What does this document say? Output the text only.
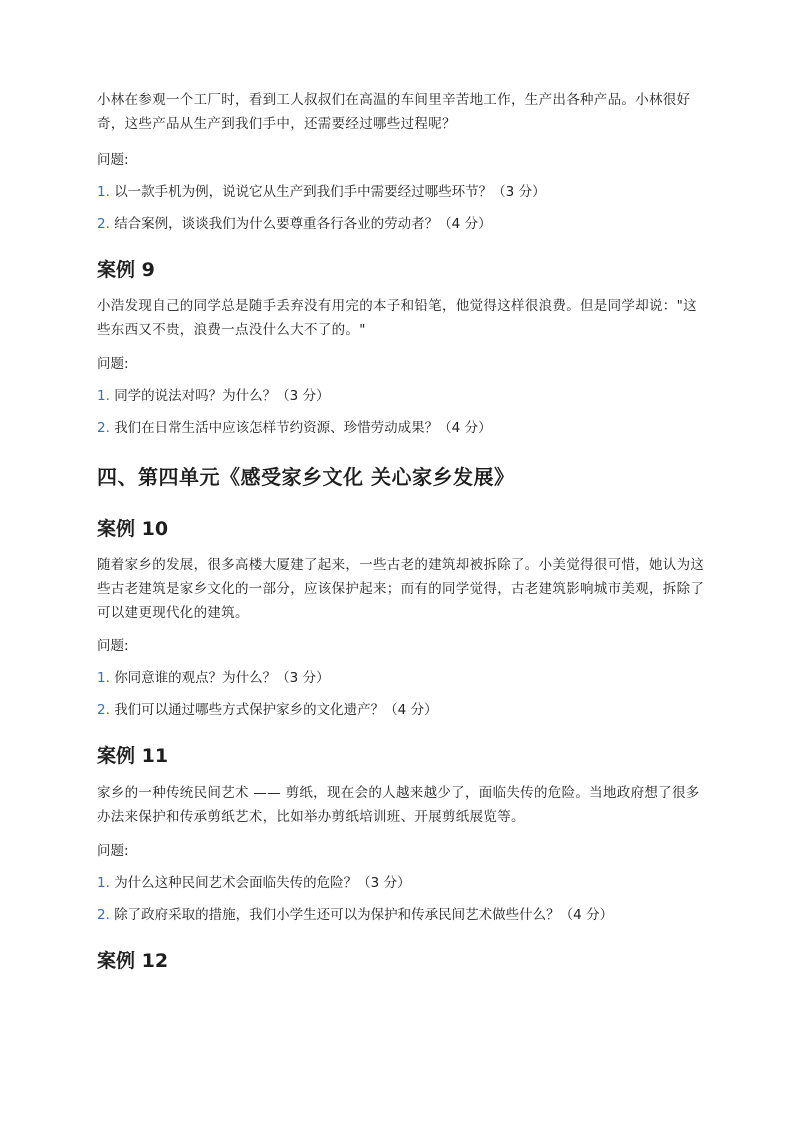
小林在参观一个工厂时，看到工人叔叔们在高温的车间里辛苦地工作，生产出各种产品。小林很好奇，这些产品从生产到我们手中，还需要经过哪些过程呢？

问题:

1. 以一款手机为例，说说它从生产到我们手中需要经过哪些环节？（3 分）

2. 结合案例，谈谈我们为什么要尊重各行各业的劳动者？（4 分）

案例 9

小浩发现自己的同学总是随手丢弃没有用完的本子和铅笔，他觉得这样很浪费。但是同学却说："这些东西又不贵，浪费一点没什么大不了的。"

问题:

1. 同学的说法对吗？为什么？（3 分）

2. 我们在日常生活中应该怎样节约资源、珍惜劳动成果？（4 分）

四、第四单元《感受家乡文化 关心家乡发展》
案例 10

随着家乡的发展，很多高楼大厦建了起来，一些古老的建筑却被拆除了。小美觉得很可惜，她认为这些古老建筑是家乡文化的一部分，应该保护起来；而有的同学觉得，古老建筑影响城市美观，拆除了可以建更现代化的建筑。

问题:

1. 你同意谁的观点？为什么？（3 分）

2. 我们可以通过哪些方式保护家乡的文化遗产？（4 分）

案例 11

家乡的一种传统民间艺术 —— 剪纸，现在会的人越来越少了，面临失传的危险。当地政府想了很多办法来保护和传承剪纸艺术，比如举办剪纸培训班、开展剪纸展览等。

问题:

1. 为什么这种民间艺术会面临失传的危险？（3 分）

2. 除了政府采取的措施，我们小学生还可以为保护和传承民间艺术做些什么？（4 分）

案例 12
